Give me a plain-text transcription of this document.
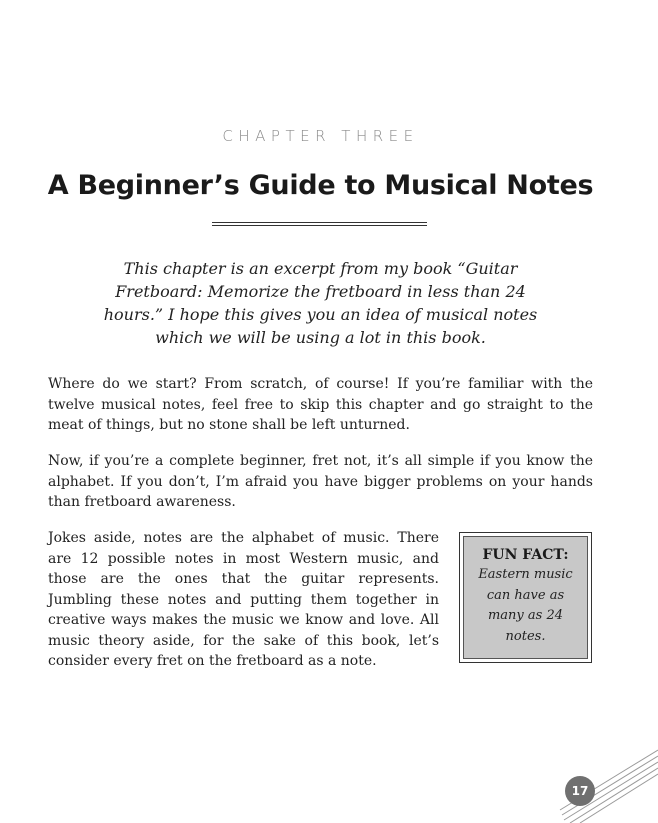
CHAPTER THREE
A Beginner’s Guide to Musical Notes
This chapter is an excerpt from my book “Guitar Fretboard: Memorize the fretboard in less than 24 hours.” I hope this gives you an idea of musical notes which we will be using a lot in this book.
Where do we start? From scratch, of course! If you’re familiar with the twelve musical notes, feel free to skip this chapter and go straight to the meat of things, but no stone shall be left unturned.
Now, if you’re a complete beginner, fret not, it’s all simple if you know the alphabet. If you don’t, I’m afraid you have bigger problems on your hands than fretboard awareness.
Jokes aside, notes are the alphabet of music. There are 12 possible notes in most Western music, and those are the ones that the guitar represents. Jumbling these notes and putting them together in creative ways makes the music we know and love. All music theory aside, for the sake of this book, let’s consider every fret on the fretboard as a note.
FUN FACT:
Eastern music can have as many as 24 notes.
17
